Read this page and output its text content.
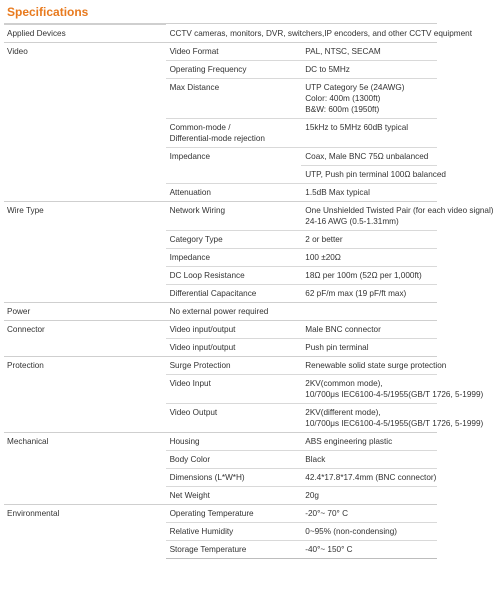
Specifications
Applied Devices	CCTV cameras, monitors, DVR, switchers,IP encoders, and other CCTV equipment	
Video	Video Format	PAL, NTSC, SECAM
	Operating Frequency	DC to 5MHz
	Max Distance	UTP Category 5e (24AWG)
Color: 400m (1300ft)
B&W: 600m (1950ft)

	Common-mode /
Differential-mode rejection	15kHz to 5MHz 60dB typical
	Impedance	Coax, Male BNC 75Ω unbalanced
		UTP, Push pin terminal 100Ω balanced
	Attenuation	1.5dB Max typical
Wire Type	Network Wiring	One Unshielded Twisted Pair (for each video signal)
24-16 AWG (0.5-1.31mm)

	Category Type	2 or better
	Impedance	100 ±20Ω
	DC Loop Resistance	18Ω per 100m (52Ω per 1,000ft)
	Differential Capacitance	62 pF/m max (19 pF/ft max)
Power	No external power required	
Connector	Video input/output	Male BNC connector
	Video input/output	Push pin terminal
Protection	Surge Protection	Renewable solid state surge protection
	Video Input	2KV(common mode),
10/700μs IEC6100-4-5/1955(GB/T 1726, 5-1999)

	Video Output	2KV(different mode),
10/700μs IEC6100-4-5/1955(GB/T 1726, 5-1999)

Mechanical	Housing	ABS engineering plastic
	Body Color	Black
	Dimensions (L*W*H)	42.4*17.8*17.4mm (BNC connector)
	Net Weight	20g
Environmental	Operating Temperature	-20°~ 70° C
	Relative Humidity	0~95% (non-condensing)
	Storage Temperature	-40°~ 150° C
